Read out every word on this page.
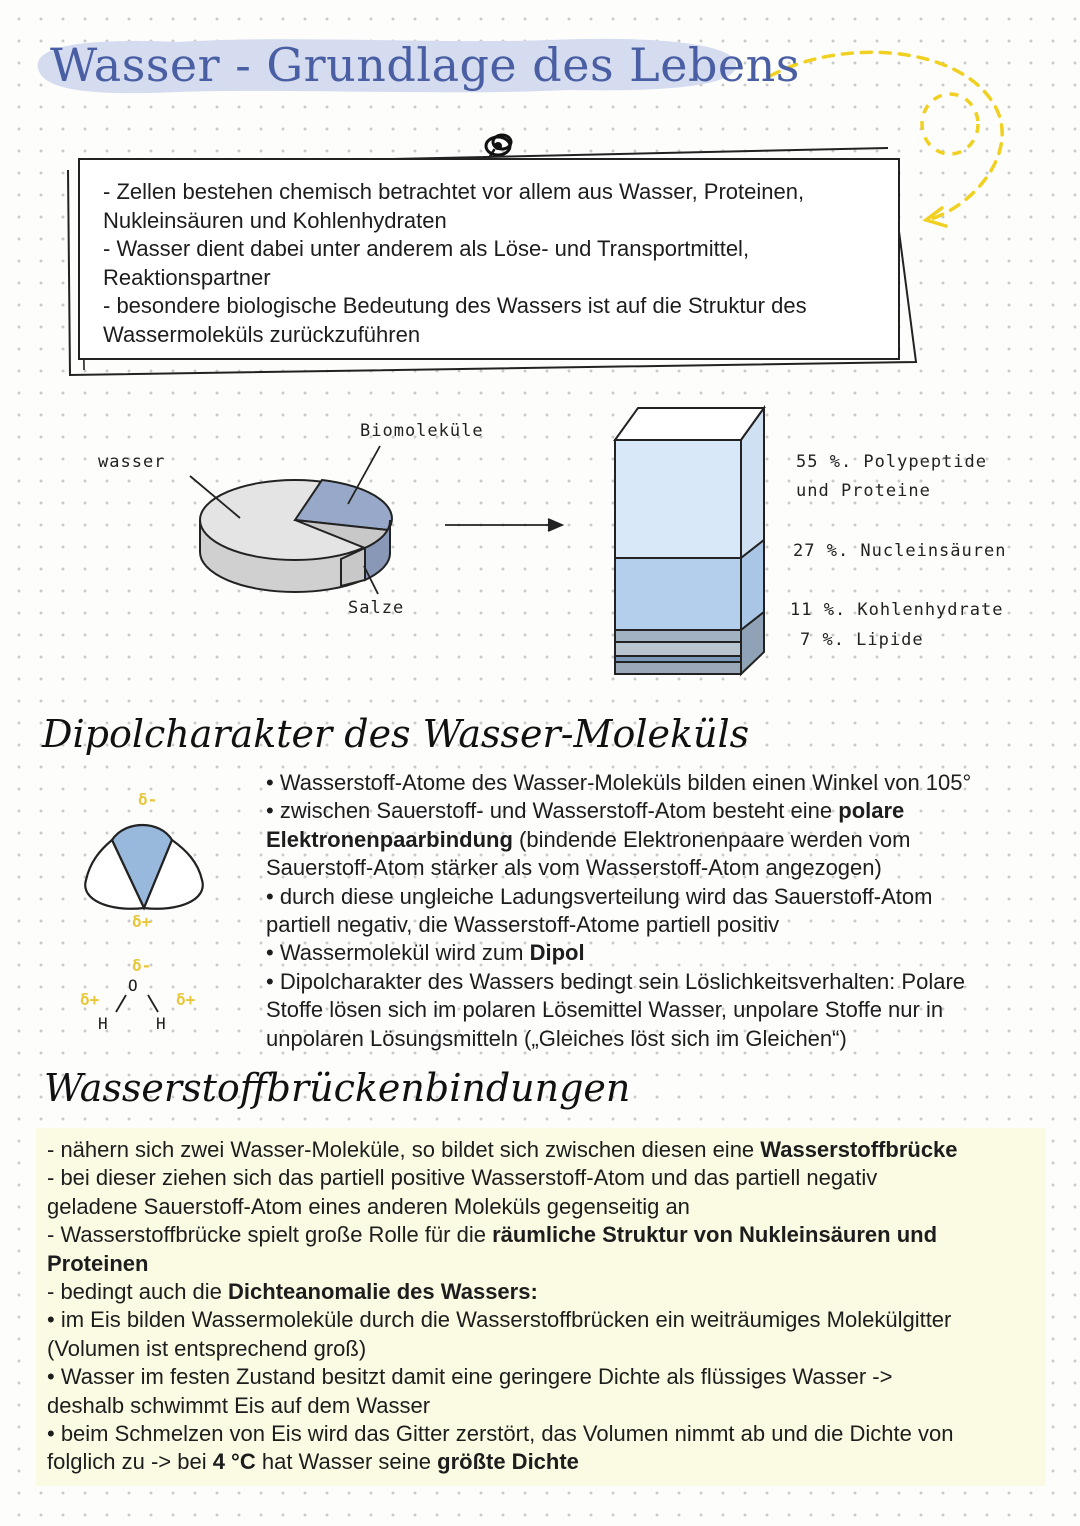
Wasser - Grundlage des Lebens

- Zellen bestehen chemisch betrachtet vor allem aus Wasser, Proteinen,

Nukleinsäuren und Kohlenhydraten

- Wasser dient dabei unter anderem als Löse- und Transportmittel,

Reaktionspartner

- besondere biologische Bedeutung des Wassers ist auf die Struktur des

Wassermoleküls zurückzuführen

wasser
Biomoleküle
Salze
55 %. Polypeptide
und Proteine
27 %. Nucleinsäuren
11 %. Kohlenhydrate
7 %. Lipide
Dipolcharakter des Wasser-Moleküls
δ-
δ+
δ-
O
δ+	δ+
H	H

• Wasserstoff-Atome des Wasser-Moleküls bilden einen Winkel von 105°

• zwischen Sauerstoff- und Wasserstoff-Atom besteht eine polare

Elektronenpaarbindung (bindende Elektronenpaare werden vom

Sauerstoff-Atom stärker als vom Wasserstoff-Atom angezogen)

• durch diese ungleiche Ladungsverteilung wird das Sauerstoff-Atom

partiell negativ, die Wasserstoff-Atome partiell positiv

• Wassermolekül wird zum Dipol

• Dipolcharakter des Wassers bedingt sein Löslichkeitsverhalten: Polare

Stoffe lösen sich im polaren Lösemittel Wasser, unpolare Stoffe nur in

unpolaren Lösungsmitteln („Gleiches löst sich im Gleichen“)

Wasserstoffbrückenbindungen

- nähern sich zwei Wasser-Moleküle, so bildet sich zwischen diesen eine Wasserstoffbrücke

- bei dieser ziehen sich das partiell positive Wasserstoff-Atom und das partiell negativ

geladene Sauerstoff-Atom eines anderen Moleküls gegenseitig an

- Wasserstoffbrücke spielt große Rolle für die räumliche Struktur von Nukleinsäuren und

Proteinen

- bedingt auch die Dichteanomalie des Wassers:

• im Eis bilden Wassermoleküle durch die Wasserstoffbrücken ein weiträumiges Molekülgitter

(Volumen ist entsprechend groß)

• Wasser im festen Zustand besitzt damit eine geringere Dichte als flüssiges Wasser ->

deshalb schwimmt Eis auf dem Wasser

• beim Schmelzen von Eis wird das Gitter zerstört, das Volumen nimmt ab und die Dichte von

folglich zu -> bei 4 °C hat Wasser seine größte Dichte
